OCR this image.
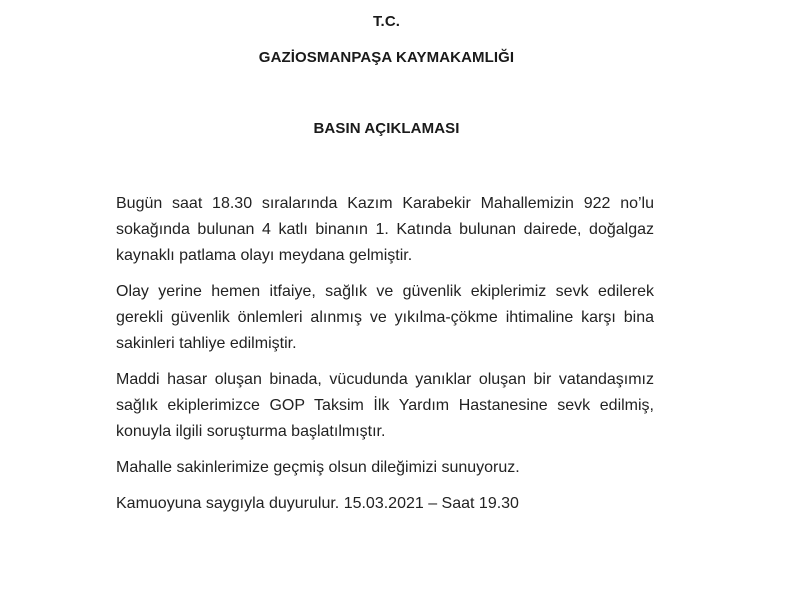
T.C.
GAZİOSMANPAŞA KAYMAKAMLIĞI
BASIN AÇIKLAMASI

Bugün saat 18.30 sıralarında Kazım Karabekir Mahallemizin 922 no’lu sokağında bulunan 4 katlı binanın 1. Katında bulunan dairede, doğalgaz kaynaklı patlama olayı meydana gelmiştir.

Olay yerine hemen itfaiye, sağlık ve güvenlik ekiplerimiz sevk edilerek gerekli güvenlik önlemleri alınmış ve yıkılma-çökme ihtimaline karşı bina sakinleri tahliye edilmiştir.

Maddi hasar oluşan binada, vücudunda yanıklar oluşan bir vatandaşımız sağlık ekiplerimizce GOP Taksim İlk Yardım Hastanesine sevk edilmiş, konuyla ilgili soruşturma başlatılmıştır.

Mahalle sakinlerimize geçmiş olsun dileğimizi sunuyoruz.

Kamuoyuna saygıyla duyurulur. 15.03.2021 – Saat 19.30
